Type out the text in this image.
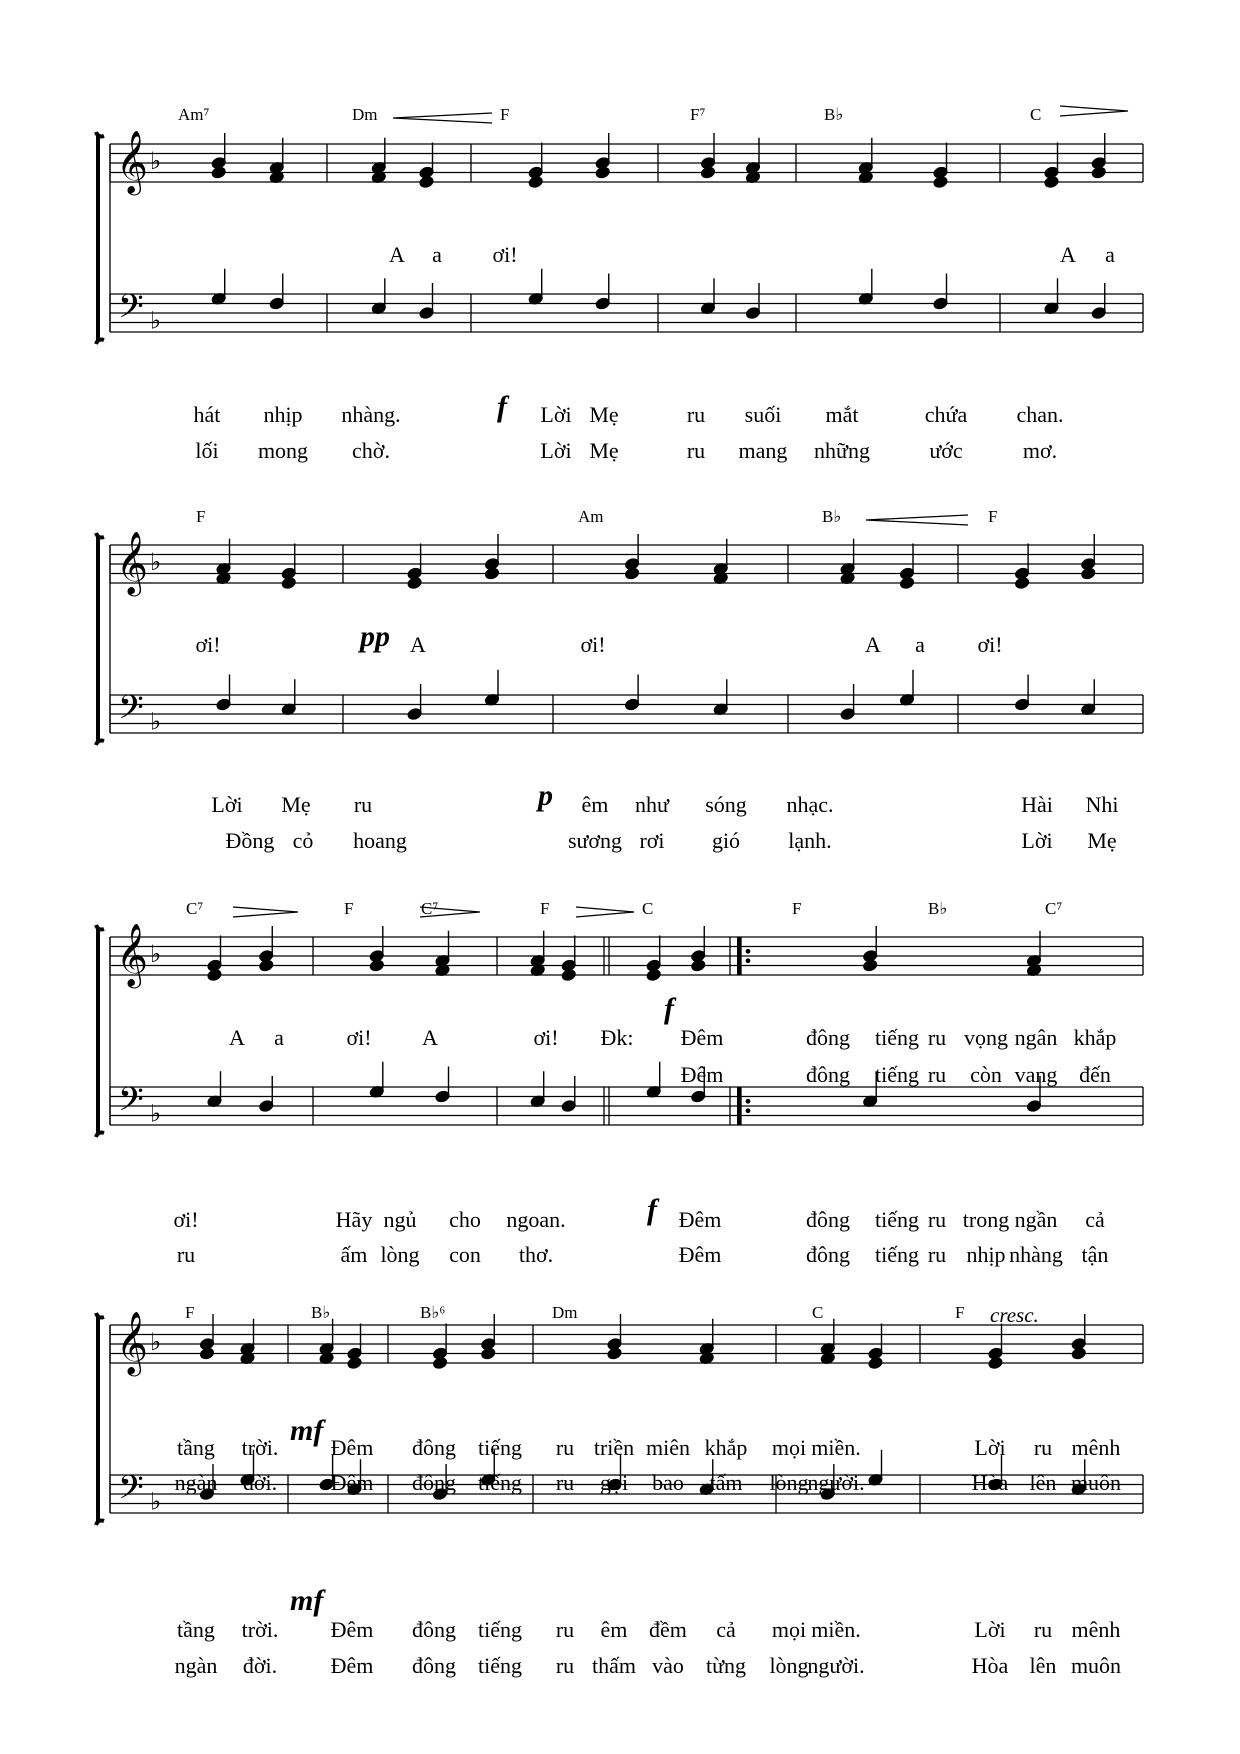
𝄞
𝄢
♭
♭
𝄞
𝄢
♭
♭
𝄞
𝄢
♭
♭
𝄞
𝄢
♭
♭
Am⁷	Dm	F	F⁷	B♭	C
f
A a ơi!	A a
hát nhịp nhàng.	Lời Mẹ	ru suối mắt	chứa chan.
lối mong chờ.	Lời Mẹ	ru mang những	ước	mơ.
F	Am	B♭	F
pp
p
ơi!	A	ơi!	A a ơi!
Lời Mẹ ru	êm như sóng nhạc.	Hài Nhi
Đồng cỏ hoang	sương rơi gió lạnh.	Lời Mẹ
C⁷	F	C⁷	F	C	F	B♭	C⁷
f
f
A a	ơi! A	ơi! Đk: Đêm	đông tiếng ru vọng ngân khắp
Đêm	đông tiếng ru còn vang đến
ơi!	Hãy ngủ cho ngoan.	Đêm	đông tiếng ru trong ngần cả
ru	ấm lòng con thơ.	Đêm	đông tiếng ru nhịp nhàng tận
F	B♭	B♭⁶	Dm	C	F
mf
mf
cresc.
tầng trời. Đêm đông tiếng ru triền miên khắp mọi miền.	Lời ru mênh
ngàn đời. Đêm đông tiếng ru gọi bao tấm lòng
người.	Hòa lên muôn
tầng trời. Đêm đông tiếng ru êm đềm cả mọi miền.	Lời ru mênh
ngàn đời. Đêm đông tiếng ru thấm vào từng lòng
người.	Hòa lên muôn
